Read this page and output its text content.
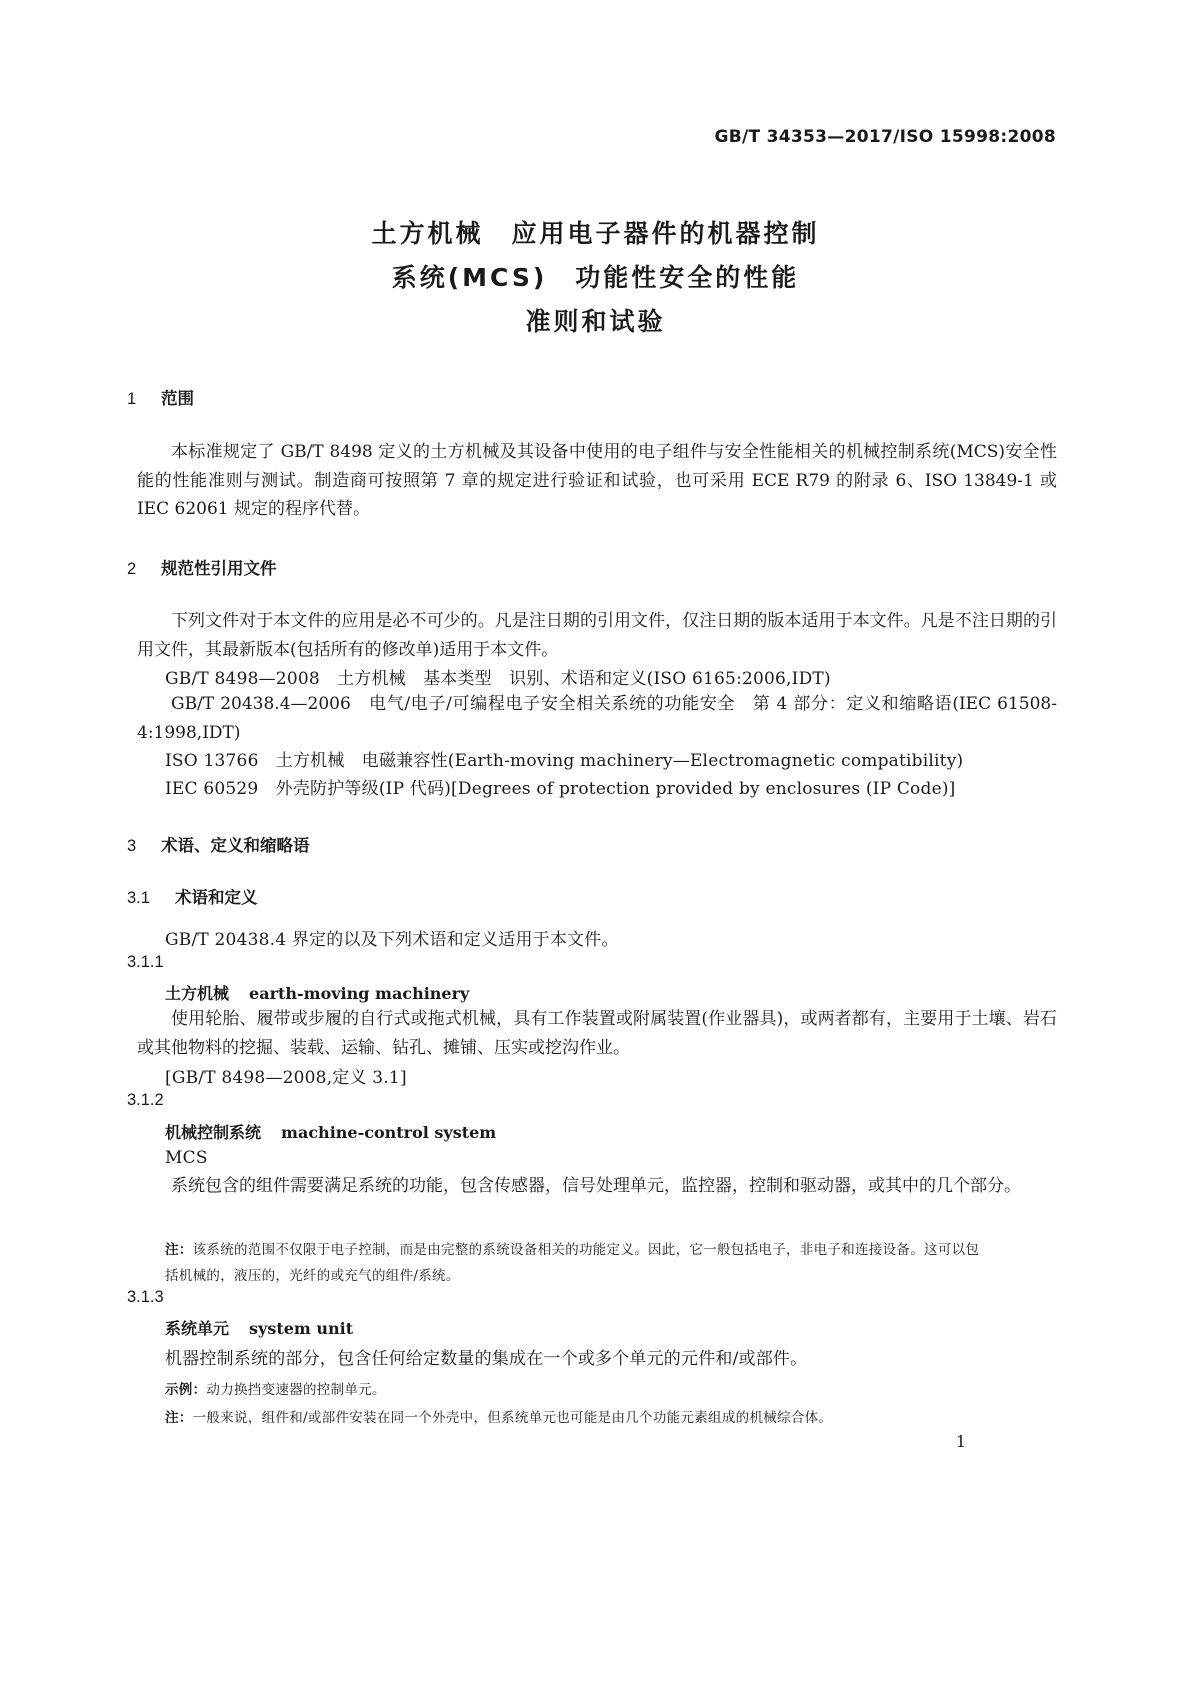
GB/T 34353—2017/ISO 15998:2008
土方机械　应用电子器件的机器控制
系统(MCS)　功能性安全的性能
准则和试验
1 范围
本标准规定了 GB/T 8498 定义的土方机械及其设备中使用的电子组件与安全性能相关的机械控制系统(MCS)安全性能的性能准则与测试。制造商可按照第 7 章的规定进行验证和试验，也可采用 ECE R79 的附录 6、ISO 13849-1 或 IEC 62061 规定的程序代替。
2 规范性引用文件
下列文件对于本文件的应用是必不可少的。凡是注日期的引用文件，仅注日期的版本适用于本文件。凡是不注日期的引用文件，其最新版本(包括所有的修改单)适用于本文件。
GB/T 8498—2008　土方机械　基本类型　识别、术语和定义(ISO 6165:2006,IDT)
GB/T 20438.4—2006　电气/电子/可编程电子安全相关系统的功能安全　第 4 部分：定义和缩略语(IEC 61508-4:1998,IDT)
ISO 13766　土方机械　电磁兼容性(Earth-moving machinery—Electromagnetic compatibility)
IEC 60529　外壳防护等级(IP 代码)[Degrees of protection provided by enclosures (IP Code)]
3 术语、定义和缩略语
3.1 术语和定义
GB/T 20438.4 界定的以及下列术语和定义适用于本文件。
3.1.1
土方机械 earth-moving machinery
使用轮胎、履带或步履的自行式或拖式机械，具有工作装置或附属装置(作业器具)，或两者都有，主要用于土壤、岩石或其他物料的挖掘、装载、运输、钻孔、摊铺、压实或挖沟作业。
[GB/T 8498—2008,定义 3.1]
3.1.2
机械控制系统 machine-control system
MCS
系统包含的组件需要满足系统的功能，包含传感器，信号处理单元，监控器，控制和驱动器，或其中的几个部分。
注：该系统的范围不仅限于电子控制，而是由完整的系统设备相关的功能定义。因此，它一般包括电子，非电子和连接设备。这可以包括机械的，液压的，光纤的或充气的组件/系统。
3.1.3
系统单元 system unit
机器控制系统的部分，包含任何给定数量的集成在一个或多个单元的元件和/或部件。
示例：动力换挡变速器的控制单元。
注：一般来说，组件和/或部件安装在同一个外壳中，但系统单元也可能是由几个功能元素组成的机械综合体。
1
